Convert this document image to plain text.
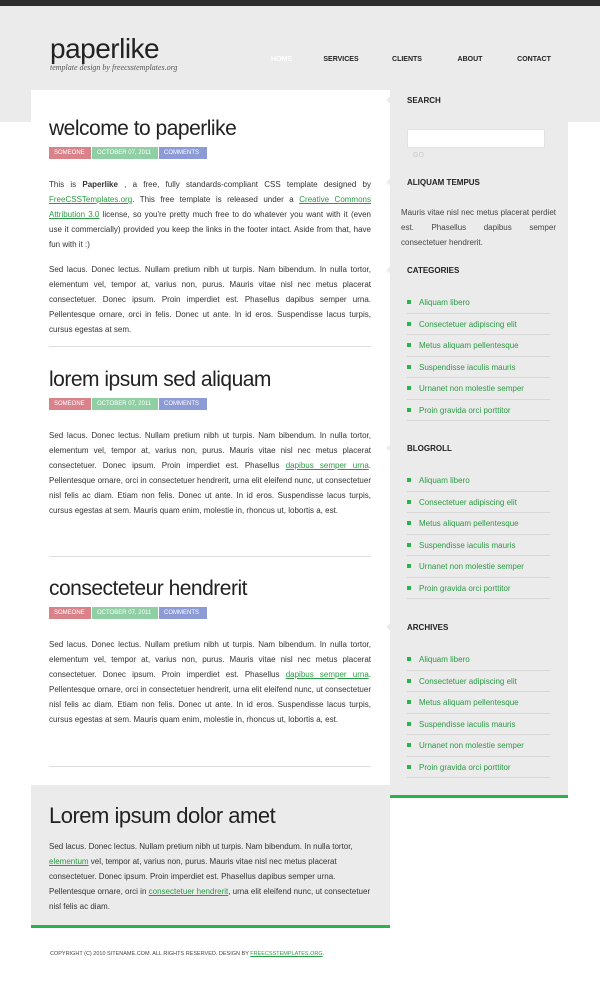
paperlike
template design by freecsstemplates.org
HOME	SERVICES	CLIENTS	ABOUT	CONTACT
welcome to paperlike
SOMEONE OCTOBER 07, 2011 COMMENTS

This is Paperlike , a free, fully standards-compliant CSS template designed by FreeCSSTemplates.org. This free template is released under a Creative Commons Attribution 3.0 license, so you're pretty much free to do whatever you want with it (even use it commercially) provided you keep the links in the footer intact. Aside from that, have fun with it :)

Sed lacus. Donec lectus. Nullam pretium nibh ut turpis. Nam bibendum. In nulla tortor, elementum vel, tempor at, varius non, purus. Mauris vitae nisl nec metus placerat consectetuer. Donec ipsum. Proin imperdiet est. Phasellus dapibus semper urna. Pellentesque ornare, orci in felis. Donec ut ante. In id eros. Suspendisse lacus turpis, cursus egestas at sem.

lorem ipsum sed aliquam
SOMEONE OCTOBER 07, 2011 COMMENTS

Sed lacus. Donec lectus. Nullam pretium nibh ut turpis. Nam bibendum. In nulla tortor, elementum vel, tempor at, varius non, purus. Mauris vitae nisl nec metus placerat consectetuer. Donec ipsum. Proin imperdiet est. Phasellus dapibus semper urna. Pellentesque ornare, orci in consectetuer hendrerit, urna elit eleifend nunc, ut consectetuer nisl felis ac diam. Etiam non felis. Donec ut ante. In id eros. Suspendisse lacus turpis, cursus egestas at sem. Mauris quam enim, molestie in, rhoncus ut, lobortis a, est.

consecteteur hendrerit
SOMEONE OCTOBER 07, 2011 COMMENTS

Sed lacus. Donec lectus. Nullam pretium nibh ut turpis. Nam bibendum. In nulla tortor, elementum vel, tempor at, varius non, purus. Mauris vitae nisl nec metus placerat consectetuer. Donec ipsum. Proin imperdiet est. Phasellus dapibus semper urna. Pellentesque ornare, orci in consectetuer hendrerit, urna elit eleifend nunc, ut consectetuer nisl felis ac diam. Etiam non felis. Donec ut ante. In id eros. Suspendisse lacus turpis, cursus egestas at sem. Mauris quam enim, molestie in, rhoncus ut, lobortis a, est.

Lorem ipsum dolor amet
Sed lacus. Donec lectus. Nullam pretium nibh ut turpis. Nam bibendum. In nulla tortor, elementum vel, tempor at, varius non, purus. Mauris vitae nisl nec metus placerat consectetuer. Donec ipsum. Proin imperdiet est. Phasellus dapibus semper urna. Pellentesque ornare, orci in consectetuer hendrerit, urna elit eleifend nunc, ut consectetuer nisl felis ac diam.
COPYRIGHT (C) 2010 SITENAME.COM. ALL RIGHTS RESERVED. DESIGN BY FREECSSTEMPLATES.ORG.
SEARCH
GO
ALIQUAM TEMPUS
Mauris vitae nisl nec metus placerat perdiet est. Phasellus dapibus semper consectetuer hendrerit.
CATEGORIES
Aliquam libero
Consectetuer adipiscing elit
Metus aliquam pellentesque
Suspendisse iaculis mauris
Urnanet non molestie semper
Proin gravida orci porttitor
BLOGROLL
Aliquam libero
Consectetuer adipiscing elit
Metus aliquam pellentesque
Suspendisse iaculis mauris
Urnanet non molestie semper
Proin gravida orci porttitor
ARCHIVES
Aliquam libero
Consectetuer adipiscing elit
Metus aliquam pellentesque
Suspendisse iaculis mauris
Urnanet non molestie semper
Proin gravida orci porttitor
